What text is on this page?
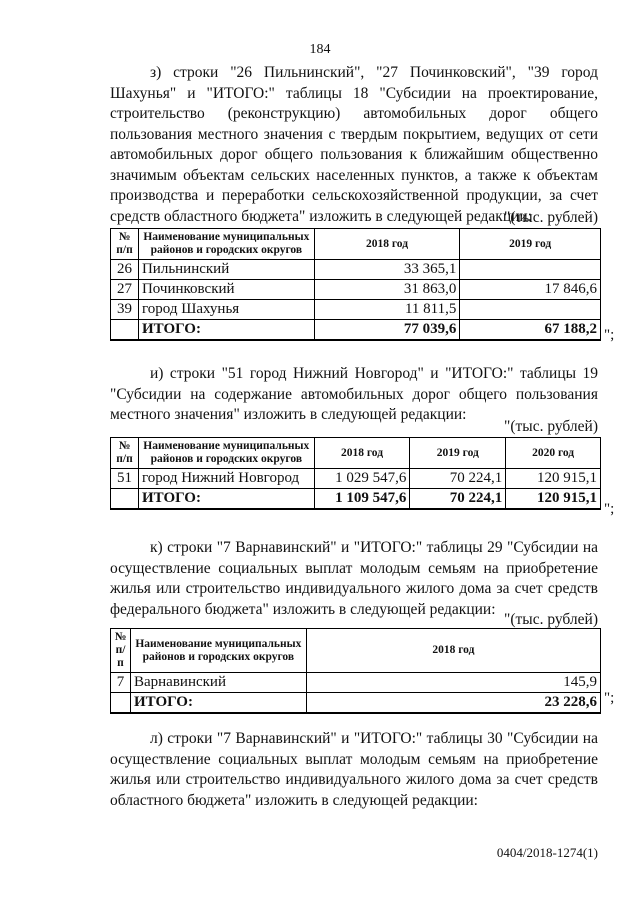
184

з) строки "26 Пильнинский", "27 Починковский", "39 город Шахунья" и "ИТОГО:" таблицы 18 "Субсидии на проектирование, строительство (реконструкцию) автомобильных дорог общего пользования местного значения с твердым покрытием, ведущих от сети автомобильных дорог общего пользования к ближайшим общественно значимым объектам сельских населенных пунктов, а также к объектам производства и переработки сельскохозяйственной продукции, за счет средств областного бюджета" изложить в следующей редакции:

"(тыс. рублей)
№ п/п	Наименование муниципальных районов и городских округов	2018 год	2019 год
26	Пильнинский	33 365,1	
27	Починковский	31 863,0	17 846,6
39	город Шахунья	11 811,5	
	ИТОГО:	77 039,6	67 188,2 ";

и) строки "51 город Нижний Новгород" и "ИТОГО:" таблицы 19 "Субсидии на содержание автомобильных дорог общего пользования местного значения" изложить в следующей редакции:

"(тыс. рублей)
№ п/п	Наименование муниципальных районов и городских округов	2018 год	2019 год	2020 год
51	город Нижний Новгород	1 029 547,6	70 224,1	120 915,1
	ИТОГО:	1 109 547,6	70 224,1	120 915,1
";

к) строки "7 Варнавинский" и "ИТОГО:" таблицы 29 "Субсидии на осуществление социальных выплат молодым семьям на приобретение жилья или строительство индивидуального жилого дома за счет средств федерального бюджета" изложить в следующей редакции:

"(тыс. рублей)
№ п/п	Наименование муниципальных районов и городских округов	2018 год
7	Варнавинский	145,9
	ИТОГО:	23 228,6 ";

л) строки "7 Варнавинский" и "ИТОГО:" таблицы 30 "Субсидии на осуществление социальных выплат молодым семьям на приобретение жилья или строительство индивидуального жилого дома за счет средств областного бюджета" изложить в следующей редакции:

0404/2018-1274(1)
